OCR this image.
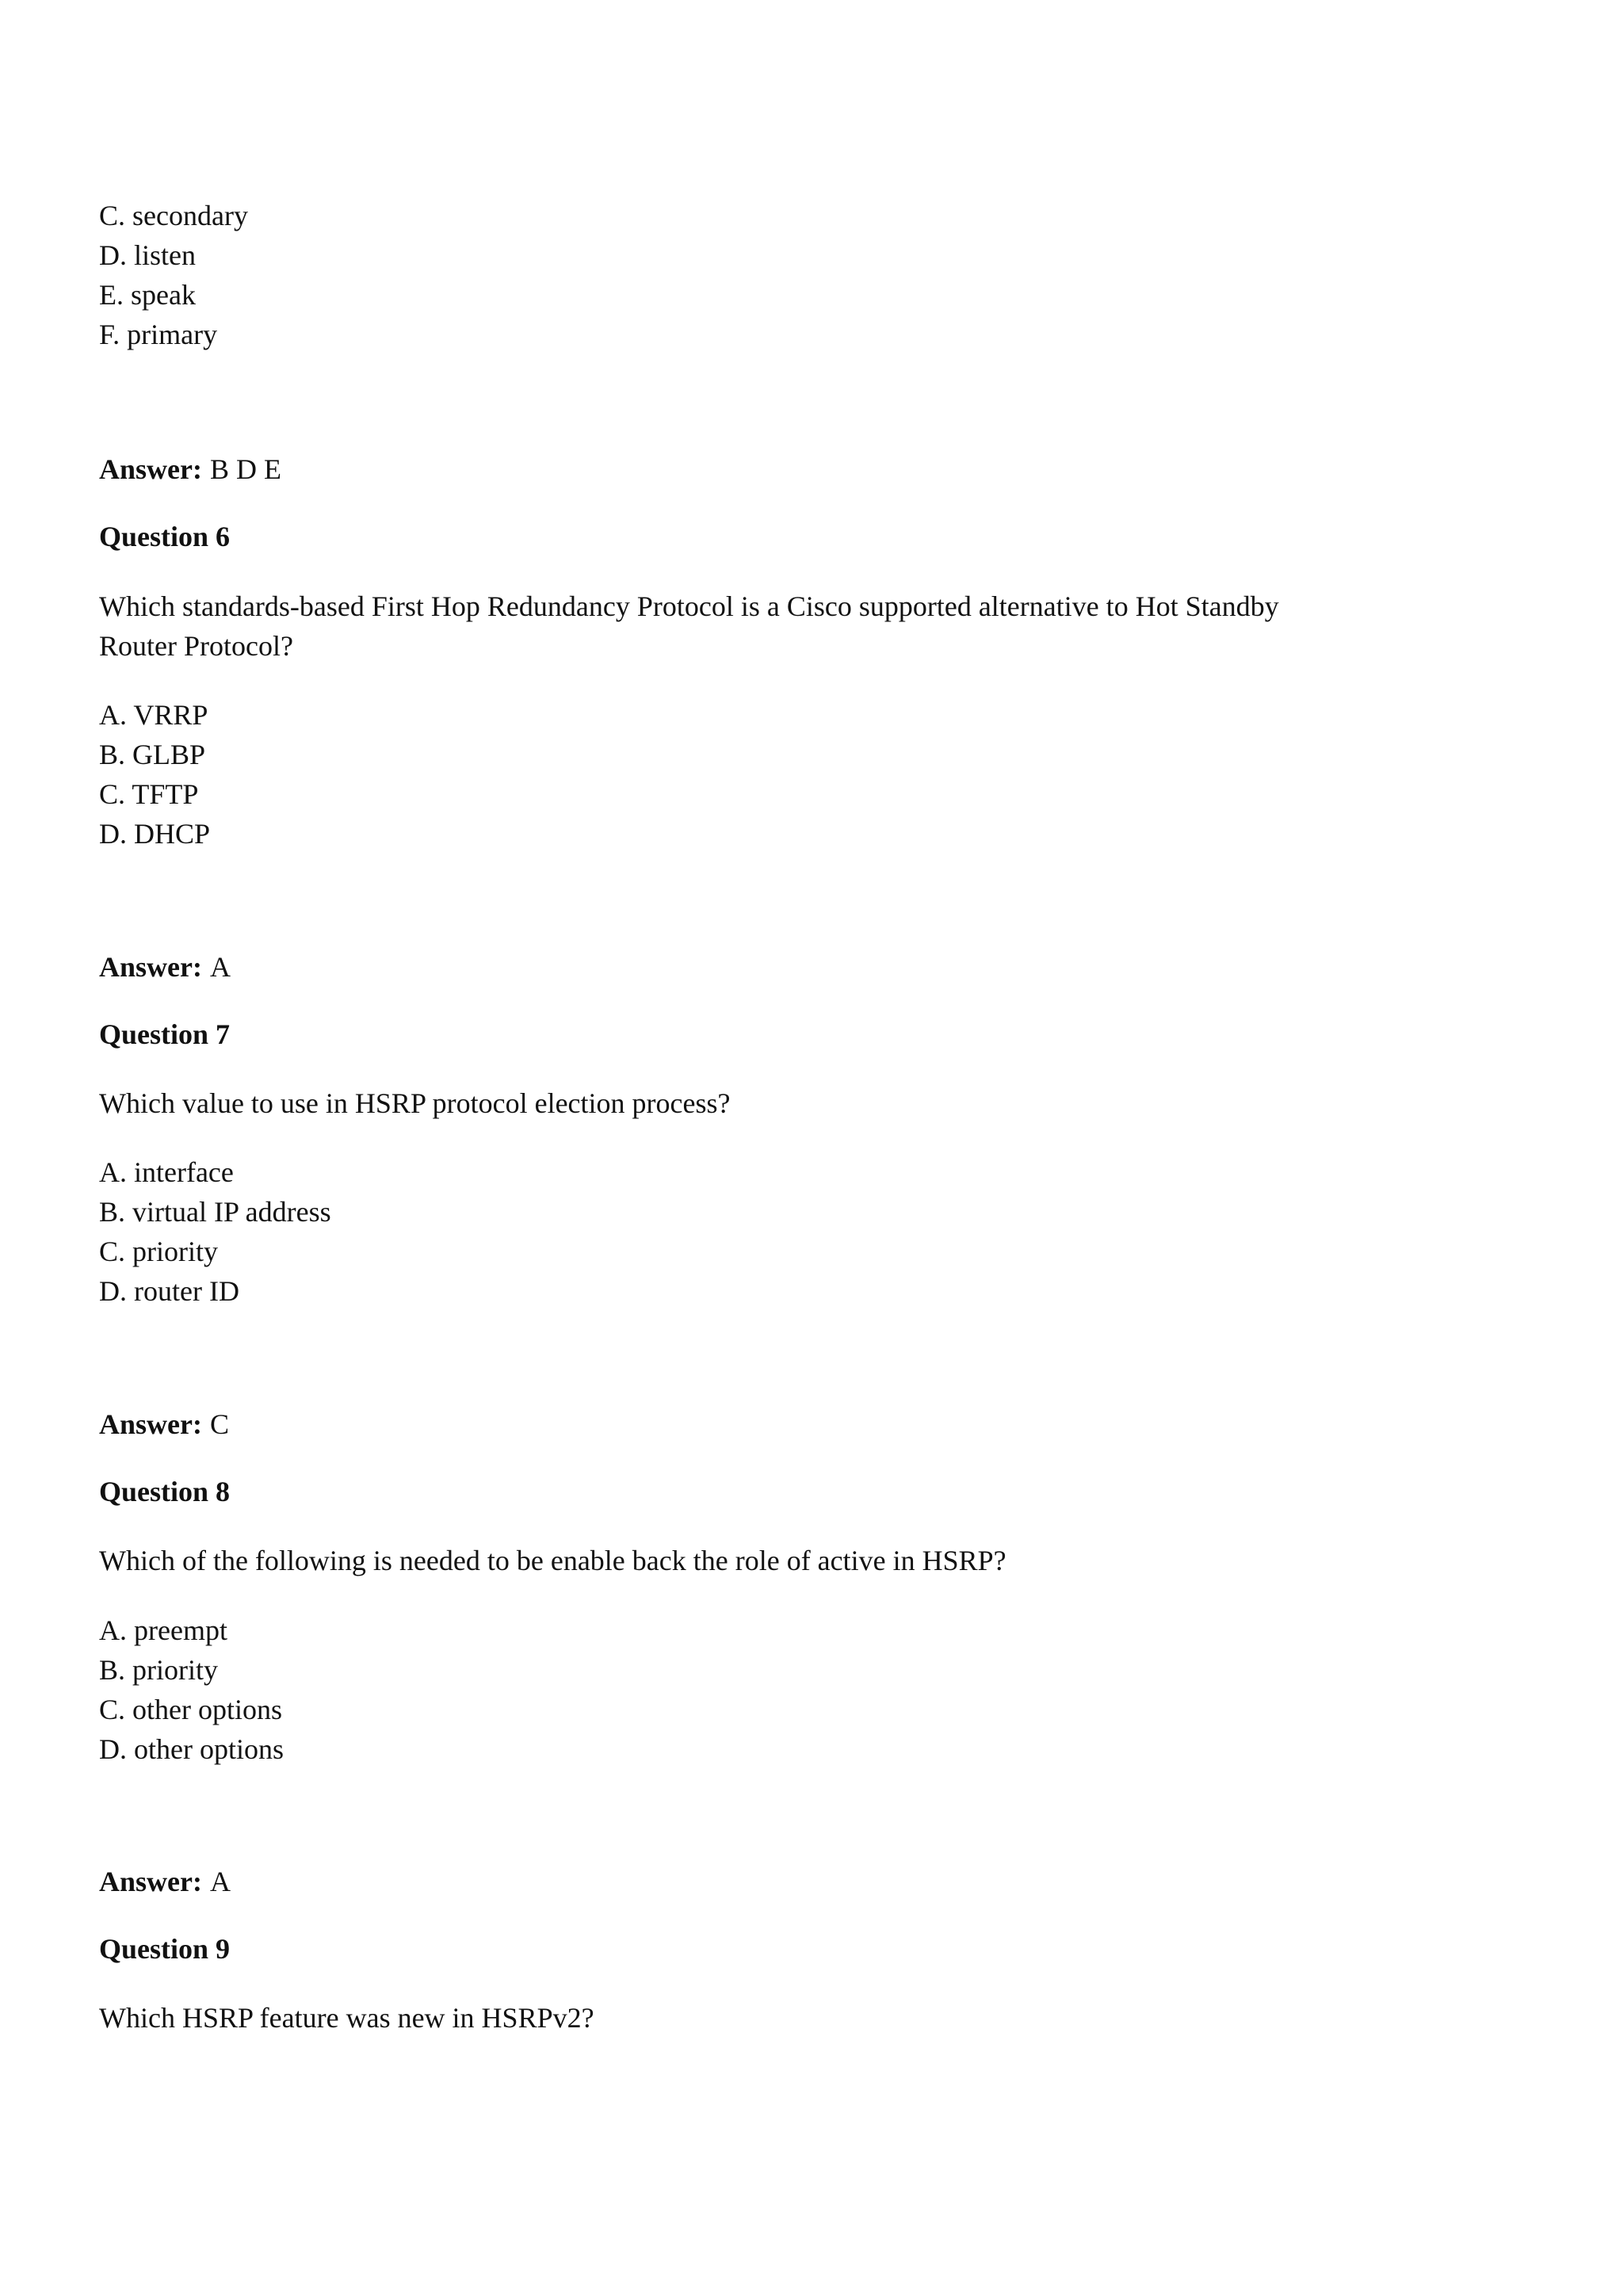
C. secondary
D. listen
E. speak
F. primary
Answer: B D E
Question 6
Which standards-based First Hop Redundancy Protocol is a Cisco supported alternative to Hot Standby
Router Protocol?
A. VRRP
B. GLBP
C. TFTP
D. DHCP
Answer: A
Question 7
Which value to use in HSRP protocol election process?
A. interface
B. virtual IP address
C. priority
D. router ID
Answer: C
Question 8
Which of the following is needed to be enable back the role of active in HSRP?
A. preempt
B. priority
C. other options
D. other options
Answer: A
Question 9
Which HSRP feature was new in HSRPv2?
